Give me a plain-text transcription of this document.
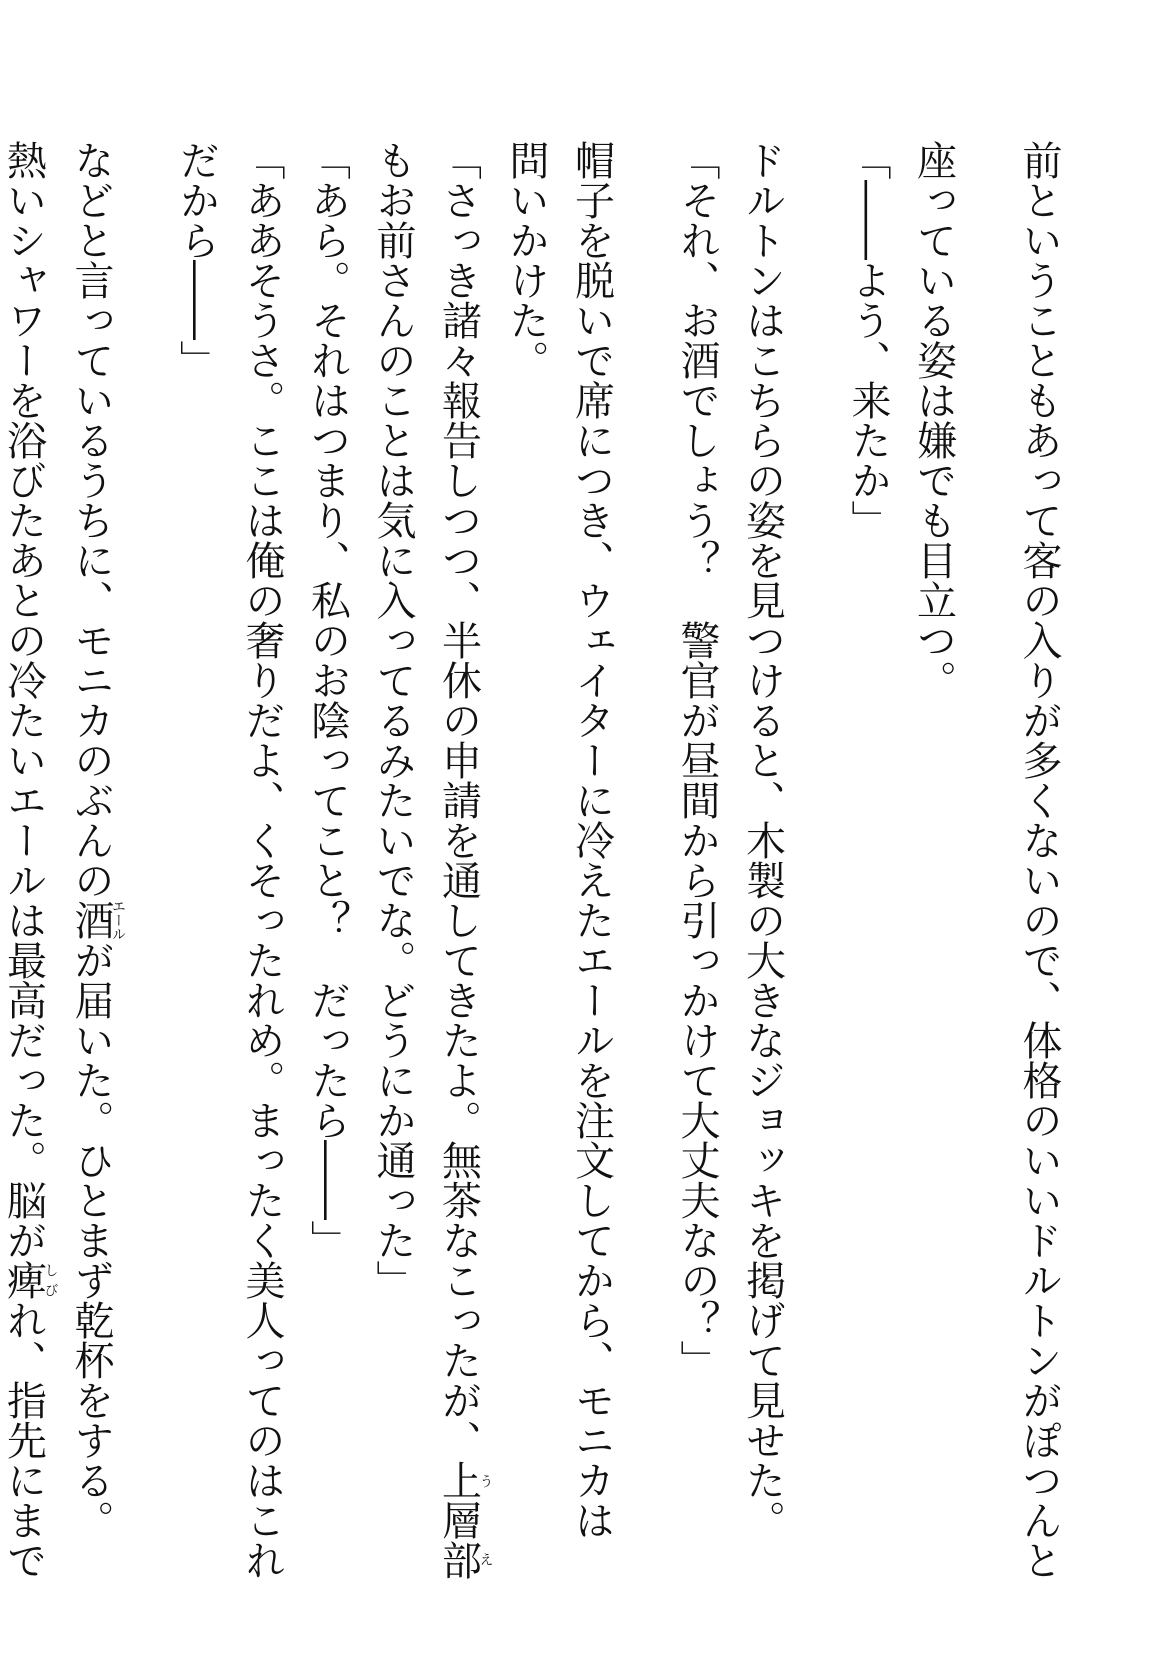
前ということもあって客の入りが多くないので、体格のいいドルトンがぽつんと
座っている姿は嫌でも目立つ。
「――よう、来たか」
ドルトンはこちらの姿を見つけると、木製の大きなジョッキを掲げて見せた。
「それ、お酒でしょう？　警官が昼間から引っかけて大丈夫なの？」
帽子を脱いで席につき、ウェイターに冷えたエールを注文してから、モニカは
問いかけた。
「さっき諸々報告しつつ、半休の申請を通してきたよ。無茶なこったが、上層部うえ
もお前さんのことは気に入ってるみたいでな。どうにか通った」
「あら。それはつまり、私のお陰ってこと？　だったら――」
「ああそうさ。ここは俺の奢りだよ、くそったれめ。まったく美人ってのはこれ
だから――」
などと言っているうちに、モニカのぶんの酒エールが届いた。ひとまず乾杯をする。
熱いシャワーを浴びたあとの冷たいエールは最高だった。脳が痺しびれ、指先にまで
